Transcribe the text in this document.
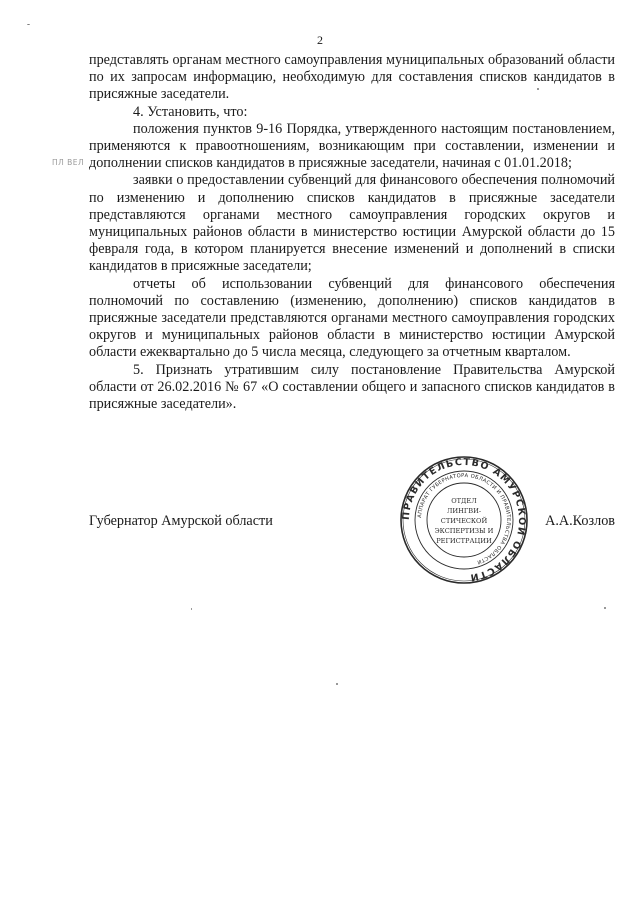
2
ПЛ ВЕЛ

представлять органам местного самоуправления муниципальных образований области по их запросам информацию, необходимую для составления списков кандидатов в присяжные заседатели.

4. Установить, что:

положения пунктов 9-16 Порядка, утвержденного настоящим постановлением, применяются к правоотношениям, возникающим при составлении, изменении и дополнении списков кандидатов в присяжные заседатели, начиная с 01.01.2018;

заявки о предоставлении субвенций для финансового обеспечения полномочий по изменению и дополнению списков кандидатов в присяжные заседатели представляются органами местного самоуправления городских округов и муниципальных районов области в министерство юстиции Амурской области до 15 февраля года, в котором планируется внесение изменений и дополнений в списки кандидатов в присяжные заседатели;

отчеты об использовании субвенций для финансового обеспечения полномочий по составлению (изменению, дополнению) списков кандидатов в присяжные заседатели представляются органами местного самоуправления городских округов и муниципальных районов области в министерство юстиции Амурской области ежеквартально до 5 числа месяца, следующего за отчетным кварталом.

5. Признать утратившим силу постановление Правительства Амурской области от 26.02.2016 № 67 «О составлении общего и запасного списков кандидатов в присяжные заседатели».

Губернатор Амурской области	А.А.Козлов
ПРАВИТЕЛЬСТВО АМУРСКОЙ ОБЛАСТИ
АППАРАТ ГУБЕРНАТОРА ОБЛАСТИ И ПРАВИТЕЛЬСТВА ОБЛАСТИ
ОТДЕЛ
ЛИНГВИ-
СТИЧЕСКОЙ
ЭКСПЕРТИЗЫ И
РЕГИСТРАЦИИ
